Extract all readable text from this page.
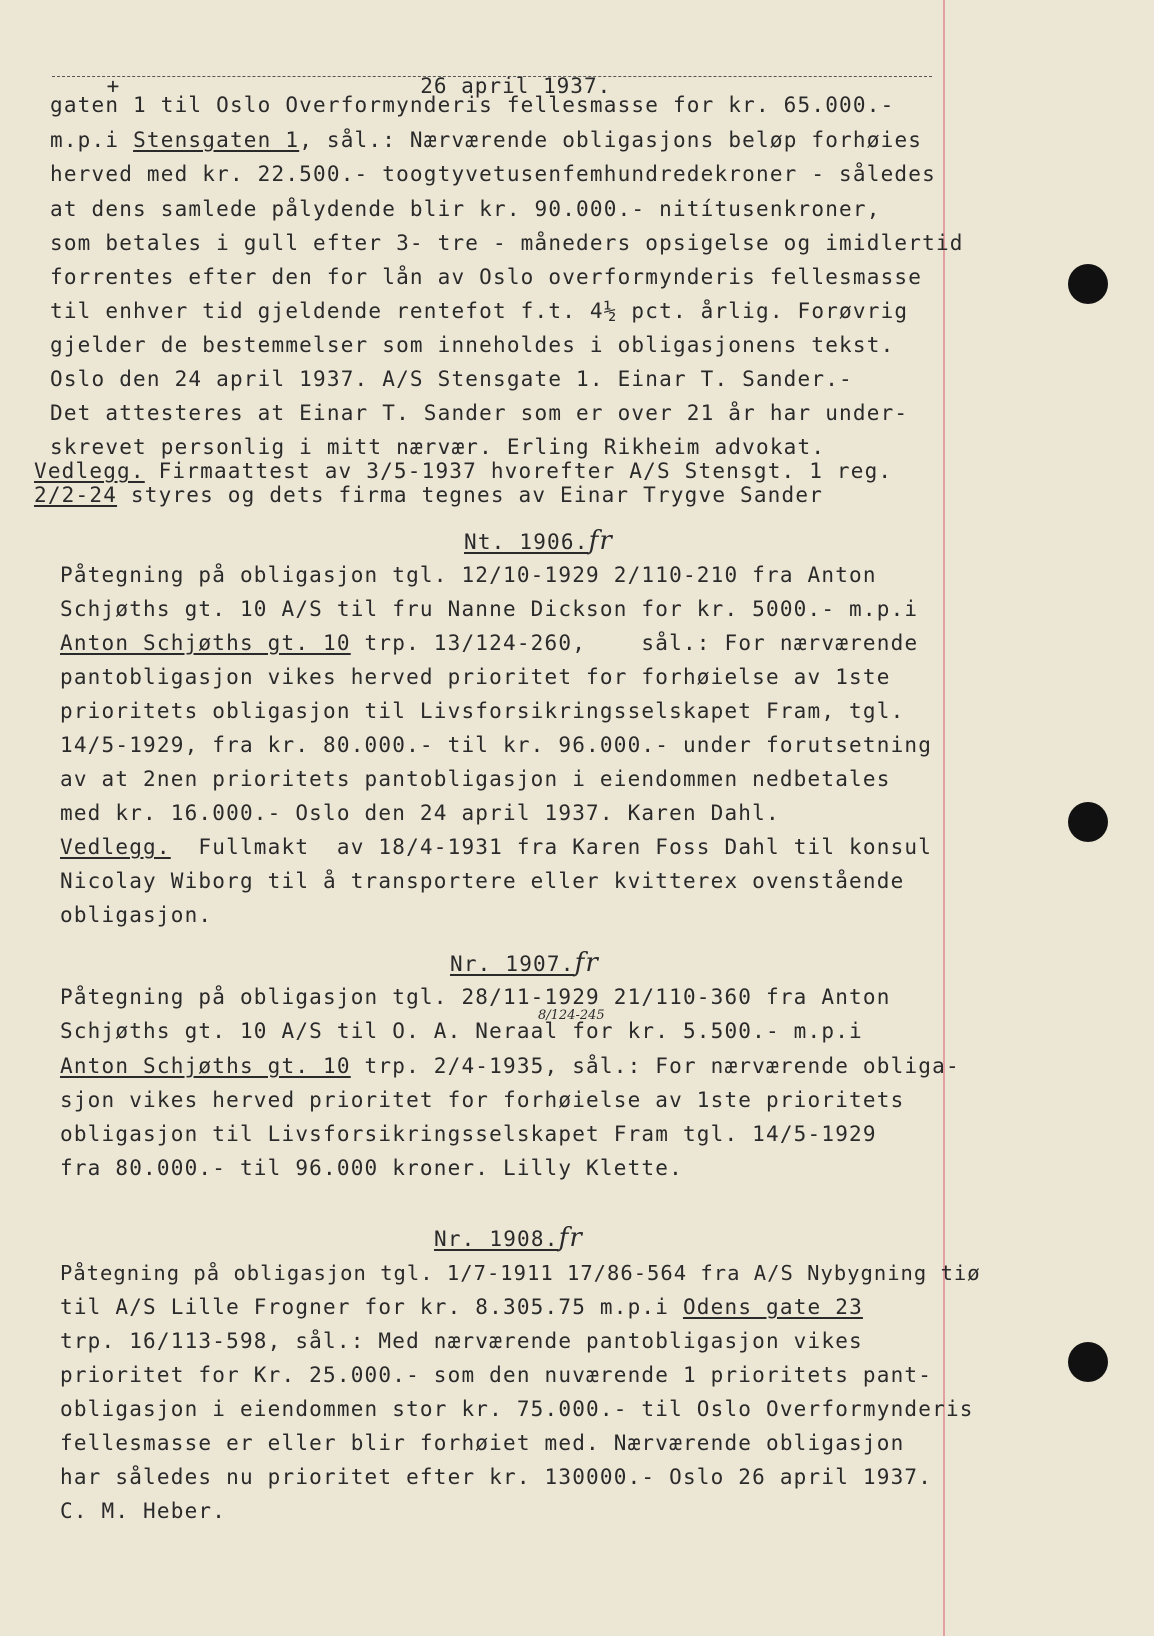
+	26 april 1937.

gaten 1 til Oslo Overformynderis fellesmasse for kr. 65.000.-
m.p.i Stensgaten 1, sål.: Nærværende obligasjons beløp forhøies
herved med kr. 22.500.- toogtyvetusenfemhundredekroner - således
at dens samlede pålydende blir kr. 90.000.- nitítusenkroner,
som betales i gull efter 3- tre - måneders opsigelse og imidlertid
forrentes efter den for lån av Oslo overformynderis fellesmasse
til enhver tid gjeldende rentefot f.t. 4½ pct. årlig. Forøvrig
gjelder de bestemmelser som inneholdes i obligasjonens tekst.
Oslo den 24 april 1937. A/S Stensgate 1. Einar T. Sander.-
Det attesteres at Einar T. Sander som er over 21 år har under-
skrevet personlig i mitt nærvær. Erling Rikheim advokat.
Vedlegg. Firmaattest av 3/5-1937 hvorefter A/S Stensgt. 1 reg.
2/2-24 styres og dets firma tegnes av Einar Trygve Sander
Nt. 1906.fr
Påtegning på obligasjon tgl. 12/10-1929 2/110-210 fra Anton
Schjøths gt. 10 A/S til fru Nanne Dickson for kr. 5000.- m.p.i
Anton Schjøths gt. 10 trp. 13/124-260,    sål.: For nærværende
pantobligasjon vikes herved prioritet for forhøielse av 1ste
prioritets obligasjon til Livsforsikringsselskapet Fram, tgl.
14/5-1929, fra kr. 80.000.- til kr. 96.000.- under forutsetning
av at 2nen prioritets pantobligasjon i eiendommen nedbetales
med kr. 16.000.- Oslo den 24 april 1937. Karen Dahl.
Vedlegg.  Fullmakt  av 18/4-1931 fra Karen Foss Dahl til konsul
Nicolay Wiborg til å transportere eller kvitterex ovenstående
obligasjon.
Nr. 1907.fr
Påtegning på obligasjon tgl. 28/11-1929 21/110-360 fra Anton
Schjøths gt. 10 A/S til O. A. Neraal for kr. 5.500.- m.p.i
8/124-245
Anton Schjøths gt. 10 trp. 2/4-1935, sål.: For nærværende obliga-
sjon vikes herved prioritet for forhøielse av 1ste prioritets
obligasjon til Livsforsikringsselskapet Fram tgl. 14/5-1929
fra 80.000.- til 96.000 kroner. Lilly Klette.
Nr. 1908.fr
Påtegning på obligasjon tgl. 1/7-1911 17/86-564 fra A/S Nybygning tiø
til A/S Lille Frogner for kr. 8.305.75 m.p.i Odens gate 23
trp. 16/113-598, sål.: Med nærværende pantobligasjon vikes
prioritet for Kr. 25.000.- som den nuværende 1 prioritets pant-
obligasjon i eiendommen stor kr. 75.000.- til Oslo Overformynderis
fellesmasse er eller blir forhøiet med. Nærværende obligasjon
har således nu prioritet efter kr. 130000.- Oslo 26 april 1937.
C. M. Heber.
